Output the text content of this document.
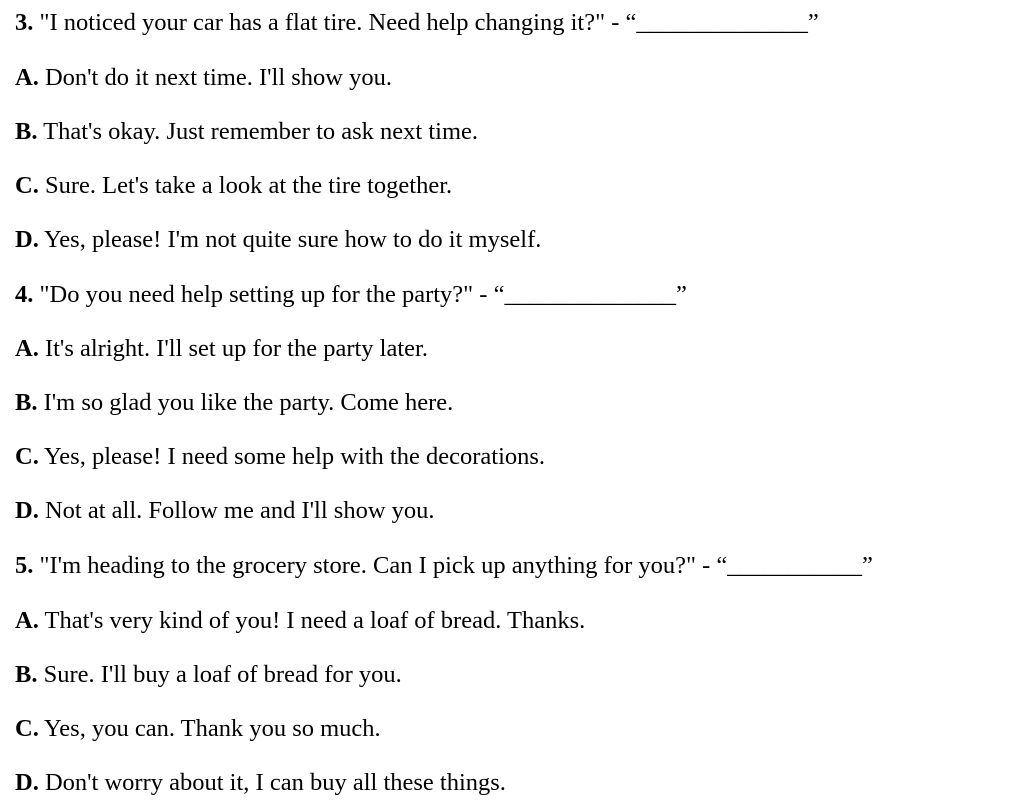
3. "I noticed your car has a flat tire. Need help changing it?" - “______________”
A. Don't do it next time. I'll show you.
B. That's okay. Just remember to ask next time.
C. Sure. Let's take a look at the tire together.
D. Yes, please! I'm not quite sure how to do it myself.
4. "Do you need help setting up for the party?" - “______________”
A. It's alright. I'll set up for the party later.
B. I'm so glad you like the party. Come here.
C. Yes, please! I need some help with the decorations.
D. Not at all. Follow me and I'll show you.
5. "I'm heading to the grocery store. Can I pick up anything for you?" - “___________”
A. That's very kind of you! I need a loaf of bread. Thanks.
B. Sure. I'll buy a loaf of bread for you.
C. Yes, you can. Thank you so much.
D. Don't worry about it, I can buy all these things.
